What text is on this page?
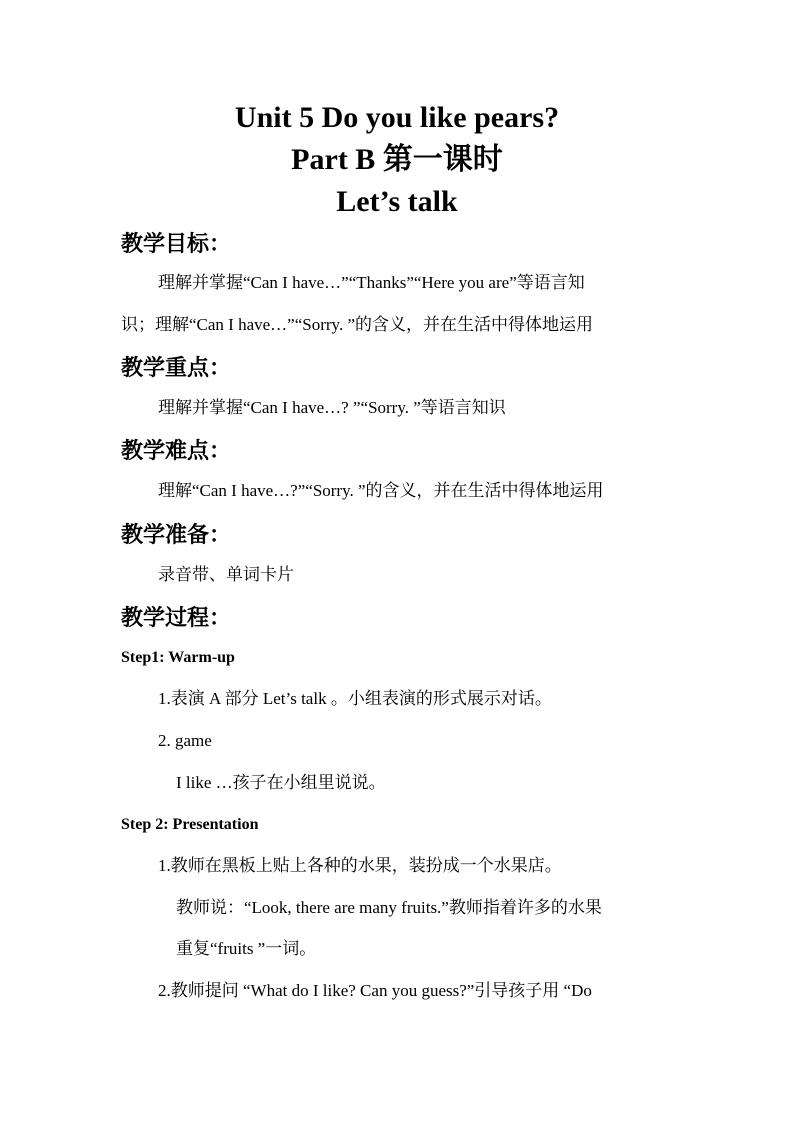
Unit 5 Do you like pears?
Part B 第一课时
Let’s talk
教学目标：
理解并掌握“Can I have…”“Thanks”“Here you are”等语言知
识；理解“Can I have…”“Sorry. ”的含义，并在生活中得体地运用
教学重点：
理解并掌握“Can I have…? ”“Sorry. ”等语言知识
教学难点：
理解“Can I have…?”“Sorry. ”的含义，并在生活中得体地运用
教学准备：
录音带、单词卡片
教学过程：
Step1: Warm-up
1.表演 A 部分 Let’s talk 。小组表演的形式展示对话。
2. game
I like …孩子在小组里说说。
Step 2: Presentation
1.教师在黑板上贴上各种的水果，装扮成一个水果店。
教师说：“Look, there are many fruits.”教师指着许多的水果
重复“fruits ”一词。
2.教师提问 “What do I like? Can you guess?”引导孩子用 “Do
